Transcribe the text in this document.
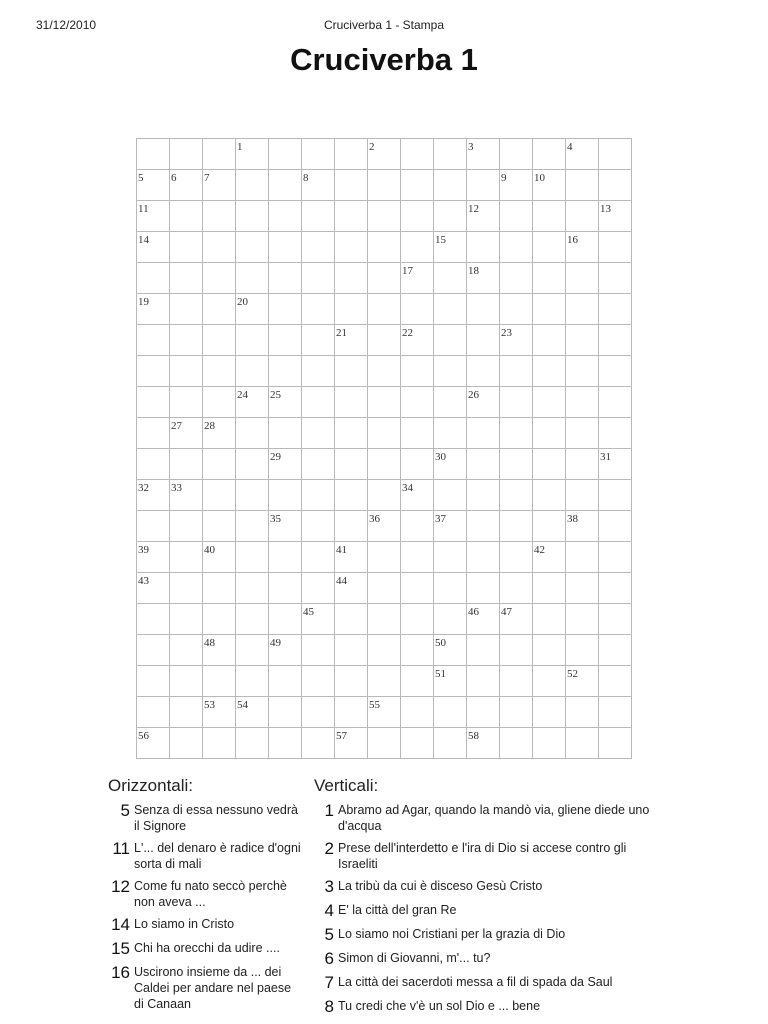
31/12/2010	Cruciverba 1 - Stampa
Cruciverba 1

			1				2			3			4	

5	6	7			8						9	10		

11										12				13

14									15				16	

								17		18				

19			20											

						21		22			23			

			24	25						26				

	27	28												

				29					30					31

32	33							34						

				35			36		37				38	

39		40				41						42		

43						44								

					45					46	47			

		48		49					50					

									51				52	

		53	54				55							

56						57				58				

Orizzontali:	Verticali:
5 Senza di essa nessuno vedrà il Signore
11 L'... del denaro è radice d'ogni sorta di mali
12 Come fu nato seccò perchè non aveva ...
14 Lo siamo in Cristo
15 Chi ha orecchi da udire ....
16 Uscirono insieme da ... dei Caldei per andare nel paese di Canaan
1 Abramo ad Agar, quando la mandò via, gliene diede uno d'acqua
2 Prese dell'interdetto e l'ira di Dio si accese contro gli Israeliti
3 La tribù da cui è disceso Gesù Cristo
4 E' la città del gran Re
5 Lo siamo noi Cristiani per la grazia di Dio
6 Simon di Giovanni, m'... tu?
7 La città dei sacerdoti messa a fil di spada da Saul
8 Tu credi che v'è un sol Dio e ... bene
